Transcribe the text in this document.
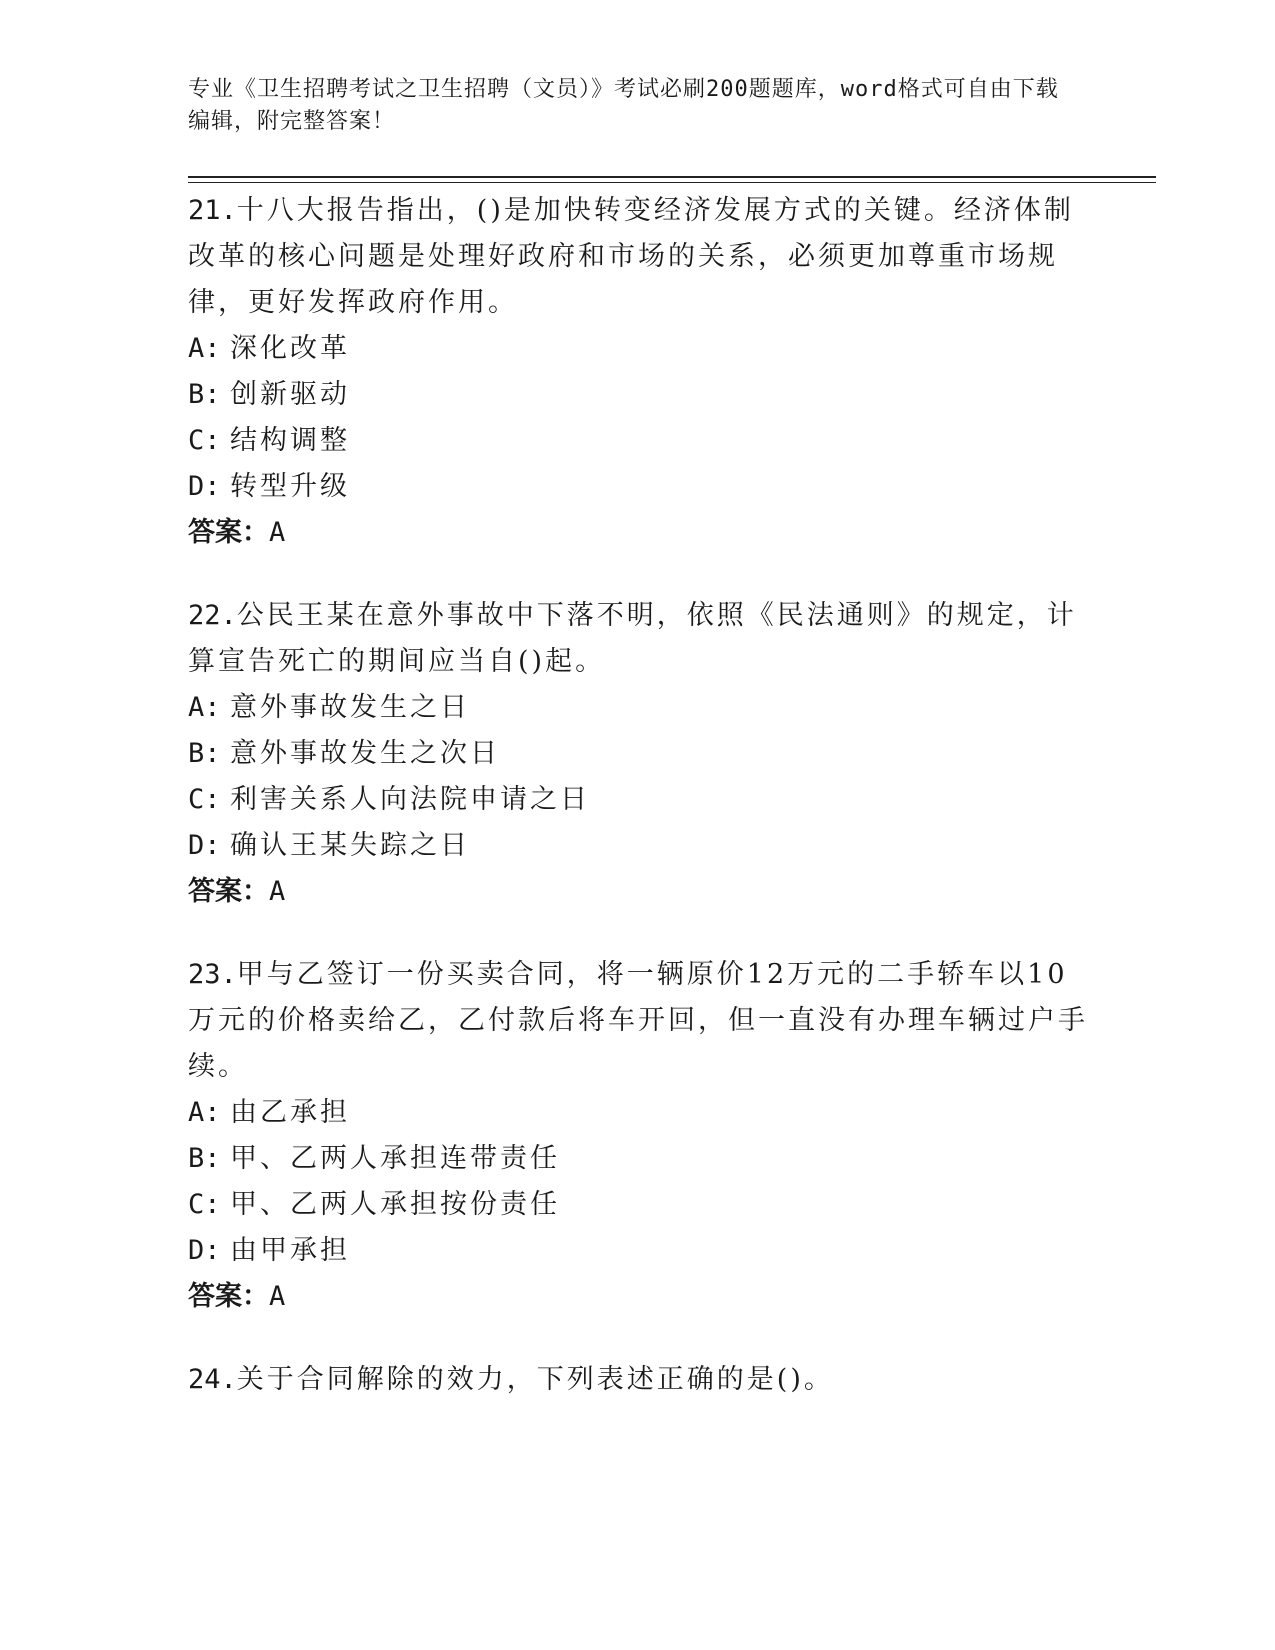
专业《卫生招聘考试之卫生招聘（文员）》考试必刷200题题库，word格式可自由下载编辑，附完整答案！

21.十八大报告指出，()是加快转变经济发展方式的关键。经济体制改革的核心问题是处理好政府和市场的关系，必须更加尊重市场规律，更好发挥政府作用。

A: 深化改革

B: 创新驱动

C: 结构调整

D: 转型升级

答案：A

22.公民王某在意外事故中下落不明，依照《民法通则》的规定，计算宣告死亡的期间应当自()起。

A: 意外事故发生之日

B: 意外事故发生之次日

C: 利害关系人向法院申请之日

D: 确认王某失踪之日

答案：A

23.甲与乙签订一份买卖合同，将一辆原价12万元的二手轿车以10万元的价格卖给乙，乙付款后将车开回，但一直没有办理车辆过户手续。

A: 由乙承担

B: 甲、乙两人承担连带责任

C: 甲、乙两人承担按份责任

D: 由甲承担

答案：A

24.关于合同解除的效力，下列表述正确的是()。
